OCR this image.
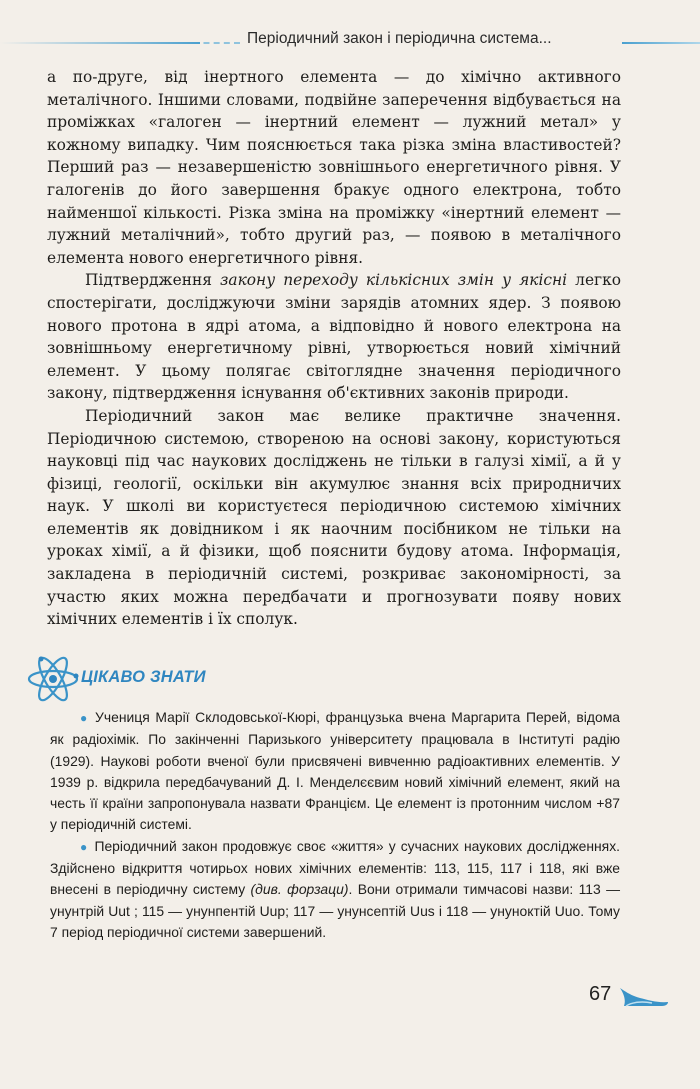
Періодичний закон і періодична система...

а по-друге, від інертного елемента — до хімічно активного металічного. Іншими словами, подвійне заперечення відбувається на проміжках «галоген — інертний елемент — лужний метал» у кожному випадку. Чим пояснюється така різка зміна властивостей? Перший раз — незавершеністю зовнішнього енергетичного рівня. У галогенів до його завершення бракує одного електрона, тобто найменшої кількості. Різка зміна на проміжку «інертний елемент — лужний металічний», тобто другий раз, — появою в металічного елемента нового енергетичного рівня.

Підтвердження закону переходу кількісних змін у якісні легко спостерігати, досліджуючи зміни зарядів атомних ядер. З появою нового протона в ядрі атома, а відповідно й нового електрона на зовнішньому енергетичному рівні, утворюється новий хімічний елемент. У цьому полягає світоглядне значення періодичного закону, підтвердження існування об'єктивних законів природи.

Періодичний закон має велике практичне значення. Періодичною системою, створеною на основі закону, користуються науковці під час наукових досліджень не тільки в галузі хімії, а й у фізиці, геології, оскільки він акумулює знання всіх природничих наук. У школі ви користуєтеся періодичною системою хімічних елементів як довідником і як наочним посібником не тільки на уроках хімії, а й фізики, щоб пояснити будову атома. Інформація, закладена в періодичній системі, розкриває закономірності, за участю яких можна передбачати и прогнозувати появу нових хімічних елементів і їх сполук.

ЦІКАВО ЗНАТИ

● Учениця Марії Склодовської-Кюрі, французька вчена Маргарита Перей, відома як радіохімік. По закінченні Паризького університету працювала в Інституті радію (1929). Наукові роботи вченої були присвячені вивченню радіоактивних елементів. У 1939 р. відкрила передбачуваний Д. І. Менделєєвим новий хімічний елемент, який на честь її країни запропонувала назвати Францієм. Це елемент із протонним числом +87 у періодичній системі.

● Періодичний закон продовжує своє «життя» у сучасних наукових дослідженнях. Здійснено відкриття чотирьох нових хімічних елементів: 113, 115, 117 і 118, які вже внесені в періодичну систему (див. форзаци). Вони отримали тимчасові назви: 113 — унунтрій Uut ; 115 — унунпентій Uup; 117 — унунсептій Uus і 118 — унуноктій Uuo. Тому 7 період періодичної системи завершений.

67
